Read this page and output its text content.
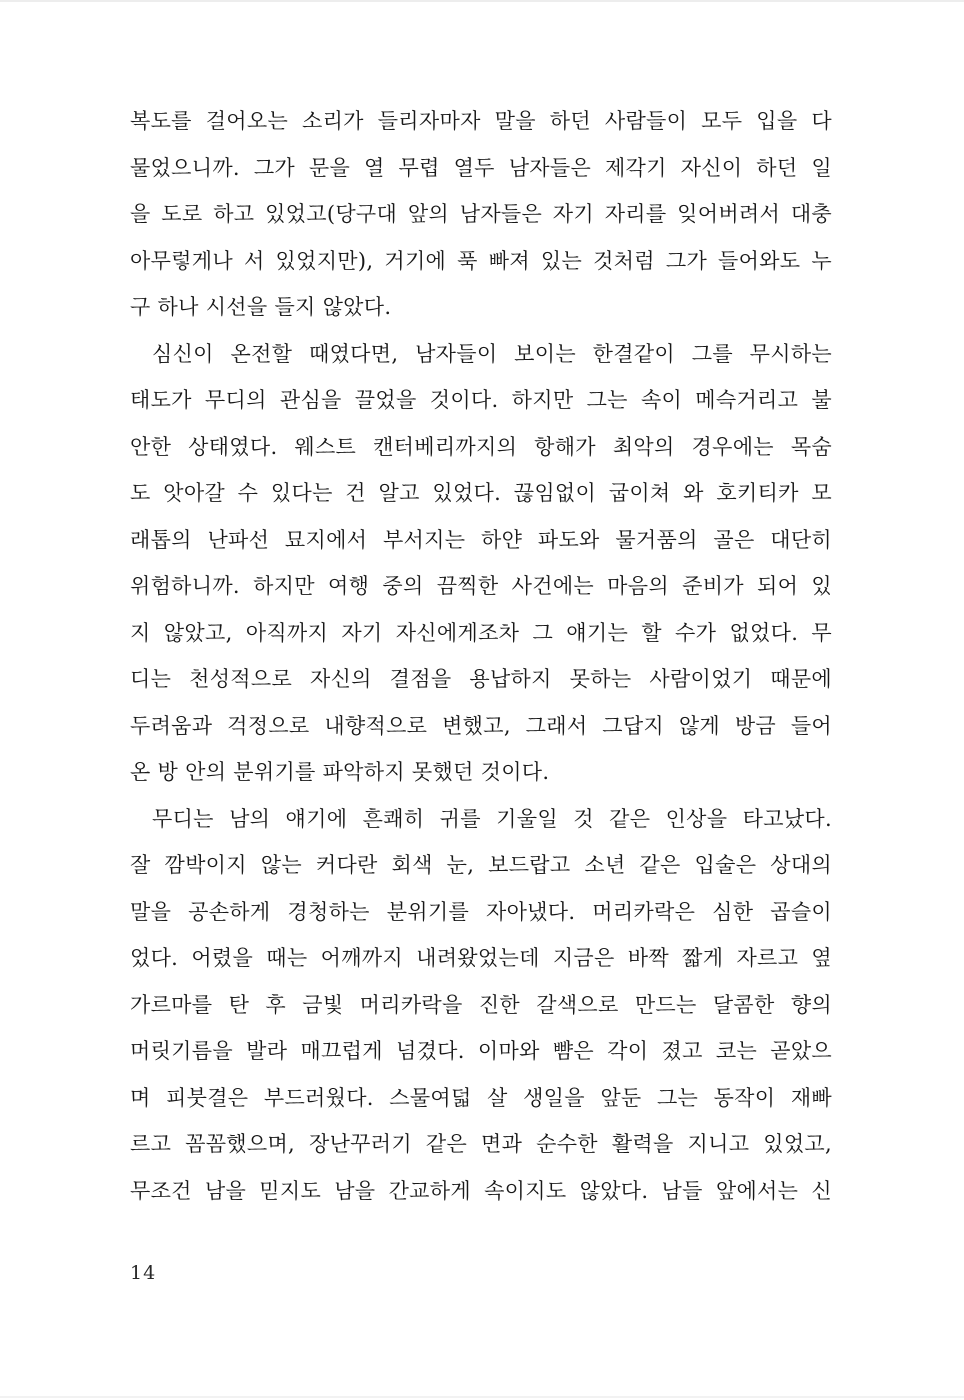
복도를 걸어오는 소리가 들리자마자 말을 하던 사람들이 모두 입을 다
물었으니까. 그가 문을 열 무렵 열두 남자들은 제각기 자신이 하던 일
을 도로 하고 있었고(당구대 앞의 남자들은 자기 자리를 잊어버려서 대충
아무렇게나 서 있었지만), 거기에 푹 빠져 있는 것처럼 그가 들어와도 누
구 하나 시선을 들지 않았다.
심신이 온전할 때였다면, 남자들이 보이는 한결같이 그를 무시하는
태도가 무디의 관심을 끌었을 것이다. 하지만 그는 속이 메슥거리고 불
안한 상태였다. 웨스트 캔터베리까지의 항해가 최악의 경우에는 목숨
도 앗아갈 수 있다는 건 알고 있었다. 끊임없이 굽이쳐 와 호키티카 모
래톱의 난파선 묘지에서 부서지는 하얀 파도와 물거품의 골은 대단히
위험하니까. 하지만 여행 중의 끔찍한 사건에는 마음의 준비가 되어 있
지 않았고, 아직까지 자기 자신에게조차 그 얘기는 할 수가 없었다. 무
디는 천성적으로 자신의 결점을 용납하지 못하는 사람이었기 때문에
두려움과 걱정으로 내향적으로 변했고, 그래서 그답지 않게 방금 들어
온 방 안의 분위기를 파악하지 못했던 것이다.
무디는 남의 얘기에 흔쾌히 귀를 기울일 것 같은 인상을 타고났다.
잘 깜박이지 않는 커다란 회색 눈, 보드랍고 소년 같은 입술은 상대의
말을 공손하게 경청하는 분위기를 자아냈다. 머리카락은 심한 곱슬이
었다. 어렸을 때는 어깨까지 내려왔었는데 지금은 바짝 짧게 자르고 옆
가르마를 탄 후 금빛 머리카락을 진한 갈색으로 만드는 달콤한 향의
머릿기름을 발라 매끄럽게 넘겼다. 이마와 뺨은 각이 졌고 코는 곧았으
며 피붓결은 부드러웠다. 스물여덟 살 생일을 앞둔 그는 동작이 재빠
르고 꼼꼼했으며, 장난꾸러기 같은 면과 순수한 활력을 지니고 있었고,
무조건 남을 믿지도 남을 간교하게 속이지도 않았다. 남들 앞에서는 신
14
